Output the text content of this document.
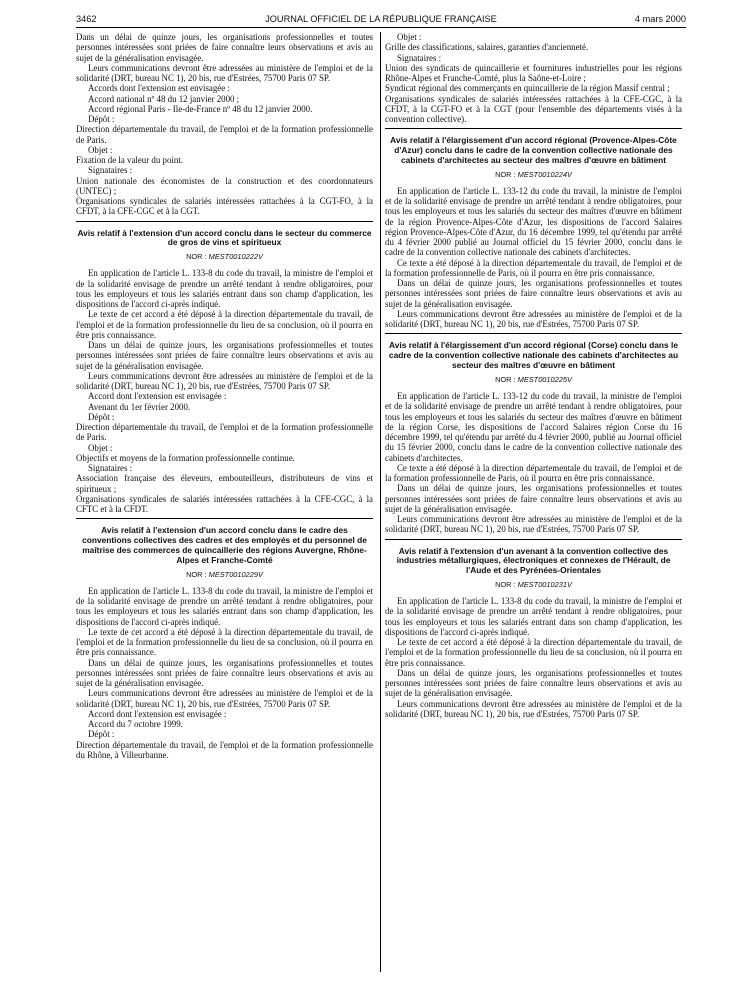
3462	JOURNAL OFFICIEL DE LA RÉPUBLIQUE FRANÇAISE	4 mars 2000

Dans un délai de quinze jours, les organisations professionnelles et toutes personnes intéressées sont priées de faire connaître leurs observations et avis au sujet de la généralisation envisagée.

Leurs communications devront être adressées au ministère de l'emploi et de la solidarité (DRT, bureau NC 1), 20 bis, rue d'Estrées, 75700 Paris 07 SP.

Accords dont l'extension est envisagée :

Accord national nº 48 du 12 janvier 2000 ;

Accord régional Paris - Ile-de-France nº 48 du 12 janvier 2000.

Dépôt :

Direction départementale du travail, de l'emploi et de la formation professionnelle de Paris.

Objet :

Fixation de la valeur du point.

Signataires :

Union nationale des économistes de la construction et des coordonnateurs (UNTEC) ;

Organisations syndicales de salariés intéressées rattachées à la CGT-FO, à la CFDT, à la CFE-CGC et à la CGT.

Avis relatif à l'extension d'un accord conclu dans le secteur du commerce de gros de vins et spiritueux
NOR : MEST0010222V

En application de l'article L. 133-8 du code du travail, la ministre de l'emploi et de la solidarité envisage de prendre un arrêté tendant à rendre obligatoires, pour tous les employeurs et tous les salariés entrant dans son champ d'application, les dispositions de l'accord ci-après indiqué.

Le texte de cet accord a été déposé à la direction départementale du travail, de l'emploi et de la formation professionnelle du lieu de sa conclusion, où il pourra en être pris connaissance.

Dans un délai de quinze jours, les organisations professionnelles et toutes personnes intéressées sont priées de faire connaître leurs observations et avis au sujet de la généralisation envisagée.

Leurs communications devront être adressées au ministère de l'emploi et de la solidarité (DRT, bureau NC 1), 20 bis, rue d'Estrées, 75700 Paris 07 SP.

Accord dont l'extension est envisagée :

Avenant du 1er février 2000.

Dépôt :

Direction départementale du travail, de l'emploi et de la formation professionnelle de Paris.

Objet :

Objectifs et moyens de la formation professionnelle continue.

Signataires :

Association française des éleveurs, embouteilleurs, distributeurs de vins et spiritueux ;

Organisations syndicales de salariés intéressées rattachées à la CFE-CGC, à la CFTC et à la CFDT.

Avis relatif à l'extension d'un accord conclu dans le cadre des conventions collectives des cadres et des employés et du personnel de maîtrise des commerces de quincaillerie des régions Auvergne, Rhône-Alpes et Franche-Comté
NOR : MEST0010229V

En application de l'article L. 133-8 du code du travail, la ministre de l'emploi et de la solidarité envisage de prendre un arrêté tendant à rendre obligatoires, pour tous les employeurs et tous les salariés entrant dans son champ d'application, les dispositions de l'accord ci-après indiqué.

Le texte de cet accord a été déposé à la direction départementale du travail, de l'emploi et de la formation professionnelle du lieu de sa conclusion, où il pourra en être pris connaissance.

Dans un délai de quinze jours, les organisations professionnelles et toutes personnes intéressées sont priées de faire connaître leurs observations et avis au sujet de la généralisation envisagée.

Leurs communications devront être adressées au ministère de l'emploi et de la solidarité (DRT, bureau NC 1), 20 bis, rue d'Estrées, 75700 Paris 07 SP.

Accord dont l'extension est envisagée :

Accord du 7 octobre 1999.

Dépôt :

Direction départementale du travail, de l'emploi et de la formation professionnelle du Rhône, à Villeurbanne.

Objet :

Grille des classifications, salaires, garanties d'ancienneté.

Signataires :

Union des syndicats de quincaillerie et fournitures industrielles pour les régions Rhône-Alpes et Franche-Comté, plus la Saône-et-Loire ;

Syndicat régional des commerçants en quincaillerie de la région Massif central ;

Organisations syndicales de salariés intéressées rattachées à la CFE-CGC, à la CFDT, à la CGT-FO et à la CGT (pour l'ensemble des départements visés à la convention collective).

Avis relatif à l'élargissement d'un accord régional (Provence-Alpes-Côte d'Azur) conclu dans le cadre de la convention collective nationale des cabinets d'architectes au secteur des maîtres d'œuvre en bâtiment
NOR : MEST0010224V

En application de l'article L. 133-12 du code du travail, la ministre de l'emploi et de la solidarité envisage de prendre un arrêté tendant à rendre obligatoires, pour tous les employeurs et tous les salariés du secteur des maîtres d'œuvre en bâtiment de la région Provence-Alpes-Côte d'Azur, les dispositions de l'accord Salaires région Provence-Alpes-Côte d'Azur, du 16 décembre 1999, tel qu'étendu par arrêté du 4 février 2000 publié au Journal officiel du 15 février 2000, conclu dans le cadre de la convention collective nationale des cabinets d'architectes.

Ce texte a été déposé à la direction départementale du travail, de l'emploi et de la formation professionnelle de Paris, où il pourra en être pris connaissance.

Dans un délai de quinze jours, les organisations professionnelles et toutes personnes intéressées sont priées de faire connaître leurs observations et avis au sujet de la généralisation envisagée.

Leurs communications devront être adressées au ministère de l'emploi et de la solidarité (DRT, bureau NC 1), 20 bis, rue d'Estrées, 75700 Paris 07 SP.

Avis relatif à l'élargissement d'un accord régional (Corse) conclu dans le cadre de la convention collective nationale des cabinets d'architectes au secteur des maîtres d'œuvre en bâtiment
NOR : MEST0010225V

En application de l'article L. 133-12 du code du travail, la ministre de l'emploi et de la solidarité envisage de prendre un arrêté tendant à rendre obligatoires, pour tous les employeurs et tous les salariés du secteur des maîtres d'œuvre en bâtiment de la région Corse, les dispositions de l'accord Salaires région Corse du 16 décembre 1999, tel qu'étendu par arrêté du 4 février 2000, publié au Journal officiel du 15 février 2000, conclu dans le cadre de la convention collective nationale des cabinets d'architectes.

Ce texte a été déposé à la direction départementale du travail, de l'emploi et de la formation professionnelle de Paris, où il pourra en être pris connaissance.

Dans un délai de quinze jours, les organisations professionnelles et toutes personnes intéressées sont priées de faire connaître leurs observations et avis au sujet de la généralisation envisagée.

Leurs communications devront être adressées au ministère de l'emploi et de la solidarité (DRT, bureau NC 1), 20 bis, rue d'Estrées, 75700 Paris 07 SP.

Avis relatif à l'extension d'un avenant à la convention collective des industries métallurgiques, électroniques et connexes de l'Hérault, de l'Aude et des Pyrénées-Orientales
NOR : MEST0010231V

En application de l'article L. 133-8 du code du travail, la ministre de l'emploi et de la solidarité envisage de prendre un arrêté tendant à rendre obligatoires, pour tous les employeurs et tous les salariés entrant dans son champ d'application, les dispositions de l'accord ci-après indiqué.

Le texte de cet accord a été déposé à la direction départementale du travail, de l'emploi et de la formation professionnelle du lieu de sa conclusion, où il pourra en être pris connaissance.

Dans un délai de quinze jours, les organisations professionnelles et toutes personnes intéressées sont priées de faire connaître leurs observations et avis au sujet de la généralisation envisagée.

Leurs communications devront être adressées au ministère de l'emploi et de la solidarité (DRT, bureau NC 1), 20 bis, rue d'Estrées, 75700 Paris 07 SP.
